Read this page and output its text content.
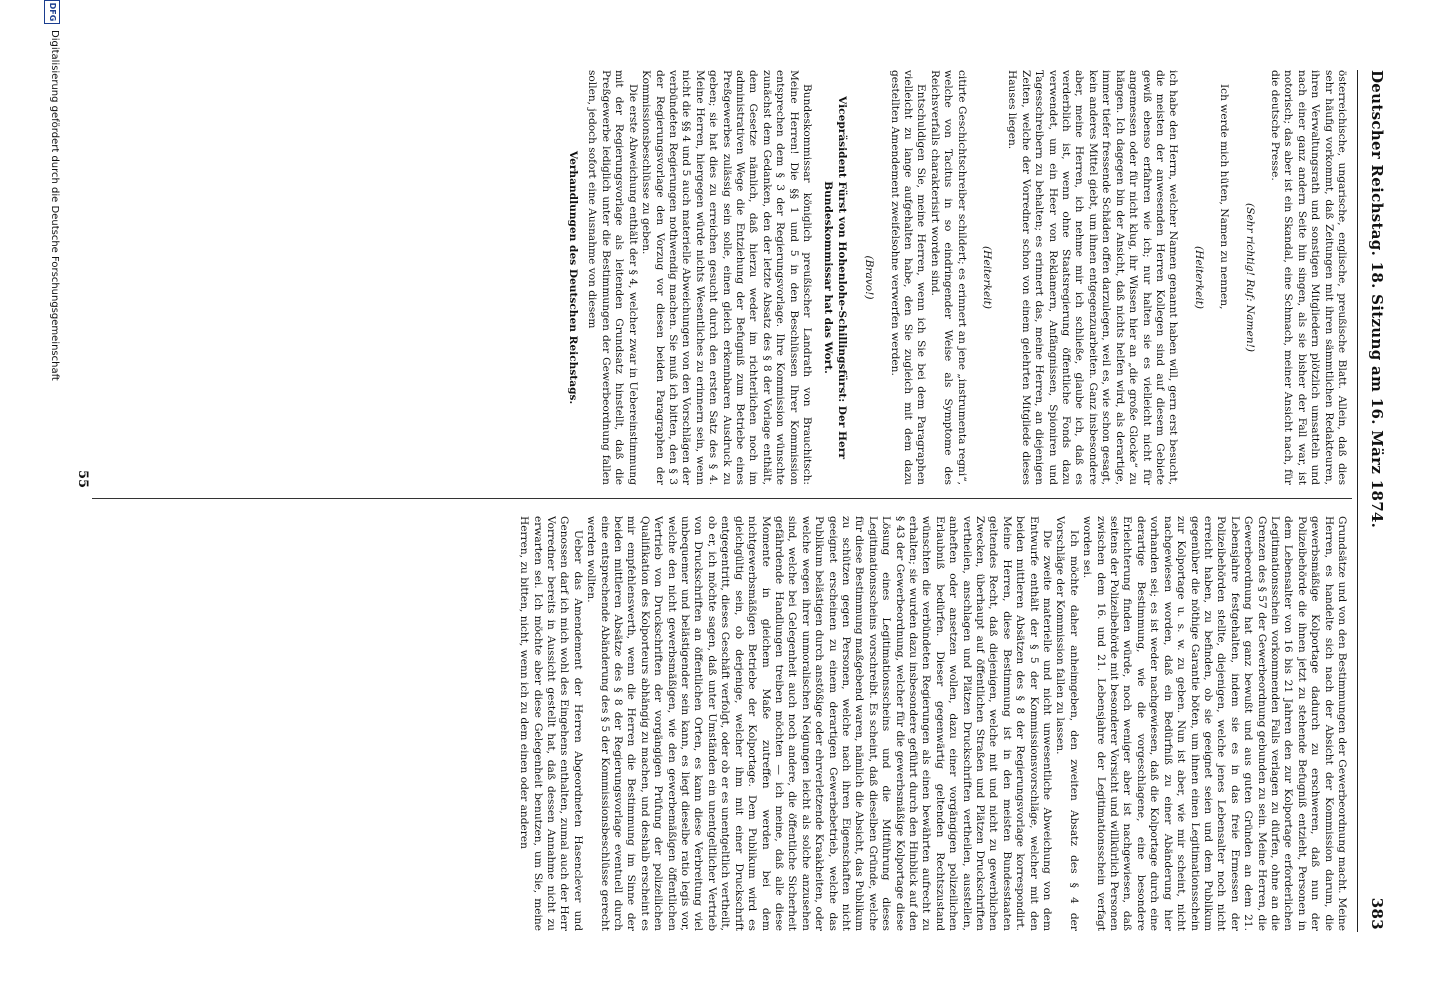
Deutscher Reichstag. 18. Sitzung am 16. März 1874.
383

österreichische, ungarische, englische, preußische Blatt. Allein, daß dies sehr häufig vorkommt, daß Zeitungen mit ihren sämmtlichen Redakteuren, ihren Verwaltungsrath und sonstigen Mitgliedern plötzlich umsatteln und nach einer ganz andern Seite hin singen, als sie bisher der Fall war, ist notorisch; das aber ist ein Skandal, eine Schmach, meiner Ansicht nach, für die deutsche Presse.

(Sehr richtig! Ruf: Namen!)

Ich werde mich hüten, Namen zu nennen,

(Heiterkeit)

ich habe den Herrn, welcher Namen genannt haben will, gern erst besucht, die meisten der anwesenden Herren Kollegen sind auf diesem Gebiete gewiß ebenso erfahren wie ich; nur halten sie es vielleicht nicht für angemessen oder für nicht klug, ihr Wissen hier an „die große Glocke“ zu hängen. Ich dagegen bin der Ansicht, daß nichts helfen wird, als derartige, immer tiefer fressende Schäden offen darzulegen, weil es, wie schon gesagt, kein anderes Mittel giebt, um ihnen entgegenzuarbeiten. Ganz insbesondere aber, meine Herren, ich nehme mir ich schließe, glaube ich, daß es verderblich ist, wenn ohne Staatsregierung öffentliche Fonds dazu verwendet, um ein Heer von Reklamern, Anfängnissen, Spioniren und Tagesschreibern zu behalten; es erinnert das, meine Herren, an diejenigen Zeiten, welche der Vorredner schon von einem gelehrten Mitgliede dieses Hauses liegen.

(Heiterkeit)

citirte Geschichtschreiber schildert; es erinnert an jene „instrumenta regni“, welche von Tacitus in so eindringender Weise als Symptome des Reichsverfalls charakterisirt worden sind.

Entschuldigen Sie, meine Herren, wenn ich Sie bei dem Paragraphen vielleicht zu lange aufgehalten habe, den Sie zugleich mit dem dazu gestellten Amendement zweifelsohne verwerfen werden.

(Bravo!)

Vicepräsident Fürst von Hohenlohe-Schillingsfürst: Der Herr Bundeskommissar hat das Wort.

Bundeskommissar königlich preußischer Landrath von Brauchitsch: Meine Herren! Die §§ 1 und 5 in den Beschlüssen Ihrer Kommission entsprechen dem § 3 der Regierungsvorlage. Ihre Kommission wünschte zunächst dem Gedanken, den der letzte Absatz des § 8 der Vorlage enthält, dem Gesetze nämlich, daß hierzu weder im richterlichen noch im administrativen Wege die Entziehung der Befugniß zum Betriebe eines Preßgewerbes zulässig sein solle, einen gleich erkennbaren Ausdruck zu geben; sie hat dies zu erreichen gesucht durch den ersten Satz des § 4. Meine Herren, hiergegen würde nichts Wesentliches zu erinnern sein, wenn nicht die §§ 4 und 5 auch materielle Abweichungen von den Vorschlägen der verbündeten Regierungen nothwendig machen. Sie muß ich bitten, den § 3 der Regierungsvorlage den Vorzug vor diesen beiden Paragraphen der Kommissionsbeschlüsse zu geben.

Die erste Abweichung enthält der § 4, welcher zwar in Uebereinstimmung mit der Regierungsvorlage als leitenden Grundsatz hinstellt, daß die Preßgewerbe lediglich unter die Bestimmungen der Gewerbeordnung fallen sollen, jedoch sofort eine Ausnahme von diesem

Verhandlungen des Deutschen Reichstags.

Grundsätze und von den Bestimmungen der Gewerbeordnung macht. Meine Herren, es handelte sich nach der Absicht der Kommission darum, die gewerbsmäßige Kolportage dadurch zu erschweren, daß nun der Polizeibehörde die ihnen jetzt zu stehende Befugniß entzieht, Personen in dem Lebensalter von 16 bis 21 Jahren den zur Kolportage erforderlichen Legitimationsschein vorkommenden Falls verlagen zu dürfen, ohne an die Grenzen des § 57 der Gewerbeordnung gebunden zu sein. Meine Herren, die Gewerbeordnung hat ganz bewußt und aus guten Gründen an dem 21. Lebensjahre festgehalten, indem sie es in das freie Ermessen der Polizeibehörden stellte, diejenigen, welche jenes Lebensalter noch nicht erreicht haben, zu befinden, ob sie geeignet seien und dem Publikum gegenüber die nöthige Garantie böten, um ihnen einen Legitimationsschein zur Kolportage u. s. w. zu geben. Nun ist aber, wie mir scheint, nicht nachgewiesen worden, daß ein Bedürfniß zu einer Abänderung hier vorhanden sei; es ist weder nachgewiesen, daß die Kolportage durch eine derartige Bestimmung, wie die vorgeschlagene, eine besondere Erleichterung finden würde, noch weniger aber ist nachgewiesen, daß seitens der Polizeibehörde mit besonderer Vorsicht und willkürlich Personen zwischen dem 16. und 21. Lebensjahre der Legitimationsschein verfagt worden sei.

Ich möchte daher anheimgeben, den zweiten Absatz des § 4 der Vorschläge der Kommission fallen zu lassen.

Die zweite materielle und nicht unwesentliche Abweichung von dem Entwurfe enthält der § 5 der Kommissionsvorschläge, welcher mit den beiden mittleren Absätzen des § 8 der Regierungsvorlage korrespondirt. Meine Herren, diese Bestimmung ist in den meisten Bundesstaaten geltendes Recht, daß diejenigen, welche mit und nicht zu gewerblichen Zwecken, überhaupt auf öffentlichen Straßen und Plätzen Druckschriften vertheilen, anschlagen und Plätzen Druckschriften vertheilen, ausstellen, anheften oder ansetzen wollen, dazu einer vorgängigen polizeilichen Erlaubniß bedürfen. Dieser gegenwärtig geltenden Rechtszustand wünschten die verbündeten Regierungen als einen bewährten aufrecht zu erhalten; sie wurden dazu insbesondere geführt durch den Hinblick auf den § 43 der Gewerbeordnung, welcher für die gewerbsmäßige Kolportage diese Lösung eines Legitimationsscheins und die Mitführung dieses Legitimationsscheins vorschreibt. Es scheint, daß dieselben Gründe, welche für diese Bestimmung maßgebend waren, nämlich die Absicht, das Publikum zu schützen gegen Personen, welche nach ihren Eigenschaften nicht geeignet erscheinen zu einem derartigen Gewerbebetrieb, welche das Publikum belästigen durch anstößige oder ehrverletzende Kraakheiten, oder welche wegen ihrer unmoralischen Neigungen leicht als solche anzusehen sind, welche bei Gelegenheit auch noch andere, die öffentliche Sicherheit gefährdende Handlungen treiben möchten — ich meine, daß alle diese Momente in gleichem Maße zutreffen werden bei dem nichtgewerbsmäßigen Betriebe der Kolportage. Dem Publikum wird es gleichgültig sein, ob derjenige, welcher ihm mit einer Druckschrift entgegentritt, dieses Geschäft verfolgt, oder ob er es unentgeltlich vertheilt, ob er, ich möchte sagen, daß unter Umständen ein unentgeltlicher Vertrieb von Druckschriften an öffentlichen Orten, es kann diese Verbreitung viel unbequemer und belästigender sein kann, es liegt dieselbe ratio legis vor, welche den nicht gewerbsmäßigen, wie den gewerbemäßigen öffentlichen Vertrieb von Druckschriften der vorgängigen Prüfung der polizeilichen Qualifikation des Kolporteurs abhängig zu machen, und deshalb erscheint es mir empfehlenswerth, wenn die Herren die Bestimmung im Sinne der beiden mittleren Absätze des § 8 der Regierungsvorlage eventuell durch eine entsprechende Abänderung des § 5 der Kommissionsbeschlüsse gerecht werden wollten.

Ueber das Amendement der Herren Abgeordneten Hasenclever und Genossen darf ich mich wohl des Eingehens enthalten, zumal auch der Herr Vorredner bereits in Aussicht gestellt hat, daß dessen Annahme nicht zu erwarten sei. Ich möchte aber diese Gelegenheit benutzen, um Sie, meine Herren, zu bitten, nicht, wenn ich zu dem einen oder anderen

55
DFG
Digitalisierung gefördert durch die Deutsche Forschungsgemeinschaft
